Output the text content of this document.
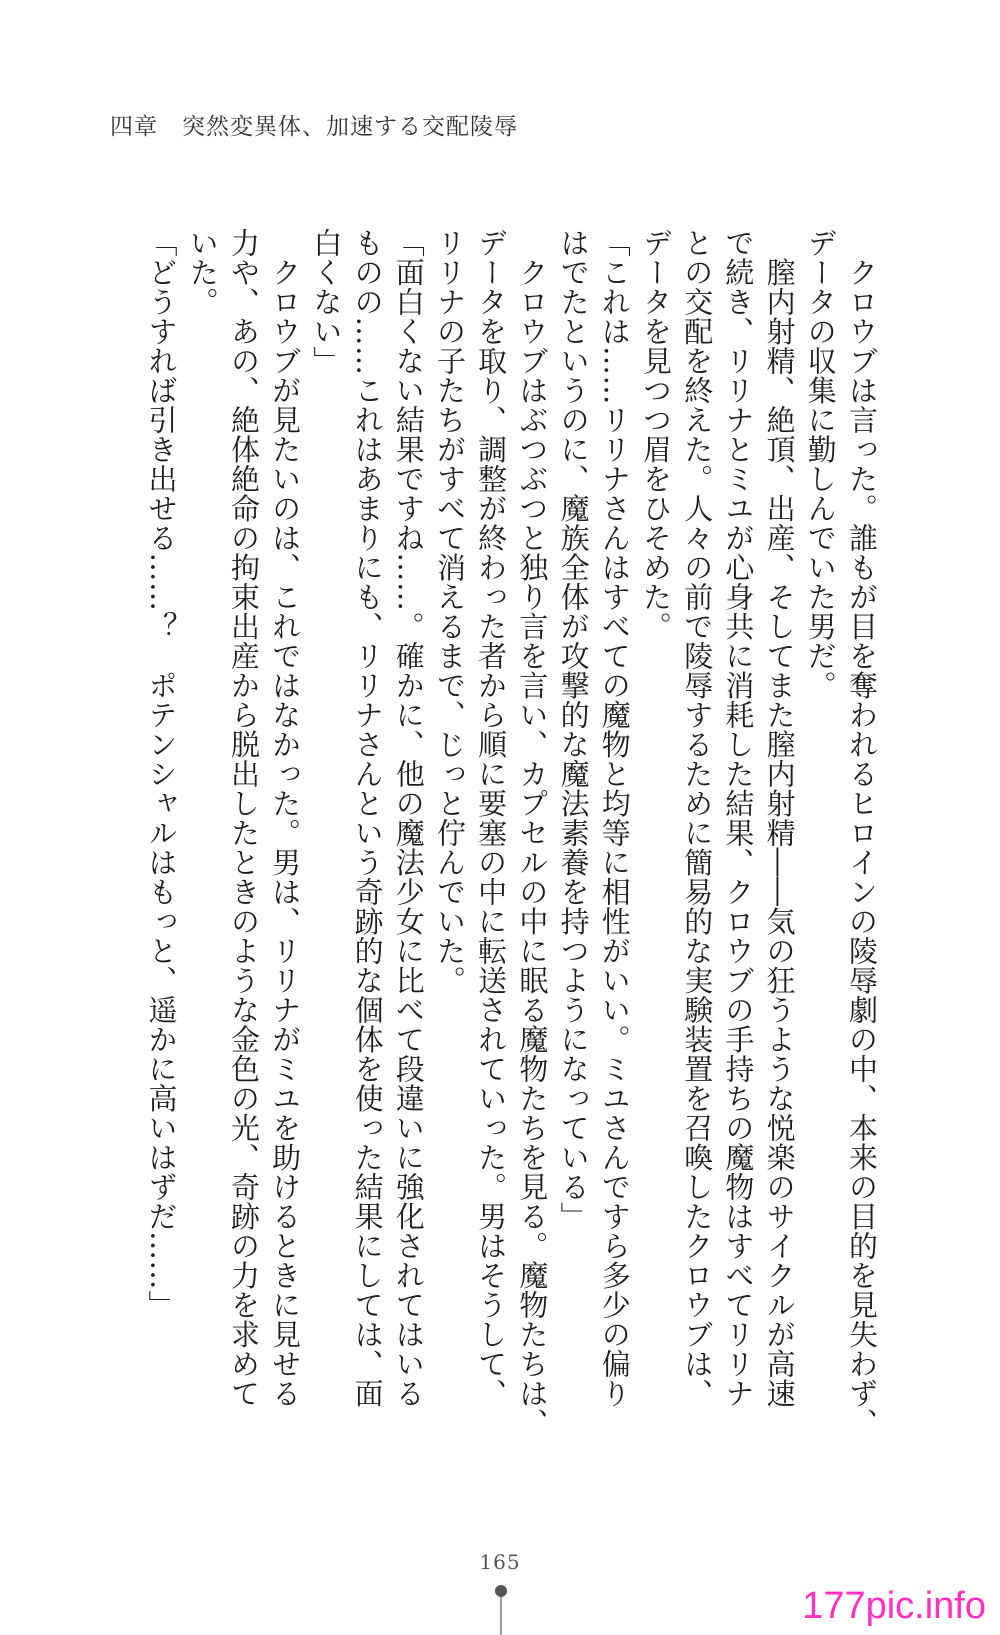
四章　突然変異体、加速する交配陵辱
　クロウブは言った。誰もが目を奪われるヒロインの陵辱劇の中、本来の目的を見失わず、
データの収集に勤しんでいた男だ。
　膣内射精、絶頂、出産、そしてまた膣内射精――気の狂うような悦楽のサイクルが高速
で続き、リリナとミユが心身共に消耗した結果、クロウブの手持ちの魔物はすべてリリナ
との交配を終えた。人々の前で陵辱するために簡易的な実験装置を召喚したクロウブは、
データを見つつ眉をひそめた。
「これは……リリナさんはすべての魔物と均等に相性がいい。ミユさんですら多少の偏り
はでたというのに、魔族全体が攻撃的な魔法素養を持つようになっている」
　クロウブはぶつぶつと独り言を言い、カプセルの中に眠る魔物たちを見る。魔物たちは、
データを取り、調整が終わった者から順に要塞の中に転送されていった。男はそうして、
リリナの子たちがすべて消えるまで、じっと佇んでいた。
「面白くない結果ですね……。確かに、他の魔法少女に比べて段違いに強化されてはいる
ものの……これはあまりにも、リリナさんという奇跡的な個体を使った結果にしては、面
白くない」
　クロウブが見たいのは、これではなかった。男は、リリナがミユを助けるときに見せる
力や、あの、絶体絶命の拘束出産から脱出したときのような金色の光、奇跡の力を求めて
いた。
「どうすれば引き出せる……？　ポテンシャルはもっと、遥かに高いはずだ……」
165
177pic.info
